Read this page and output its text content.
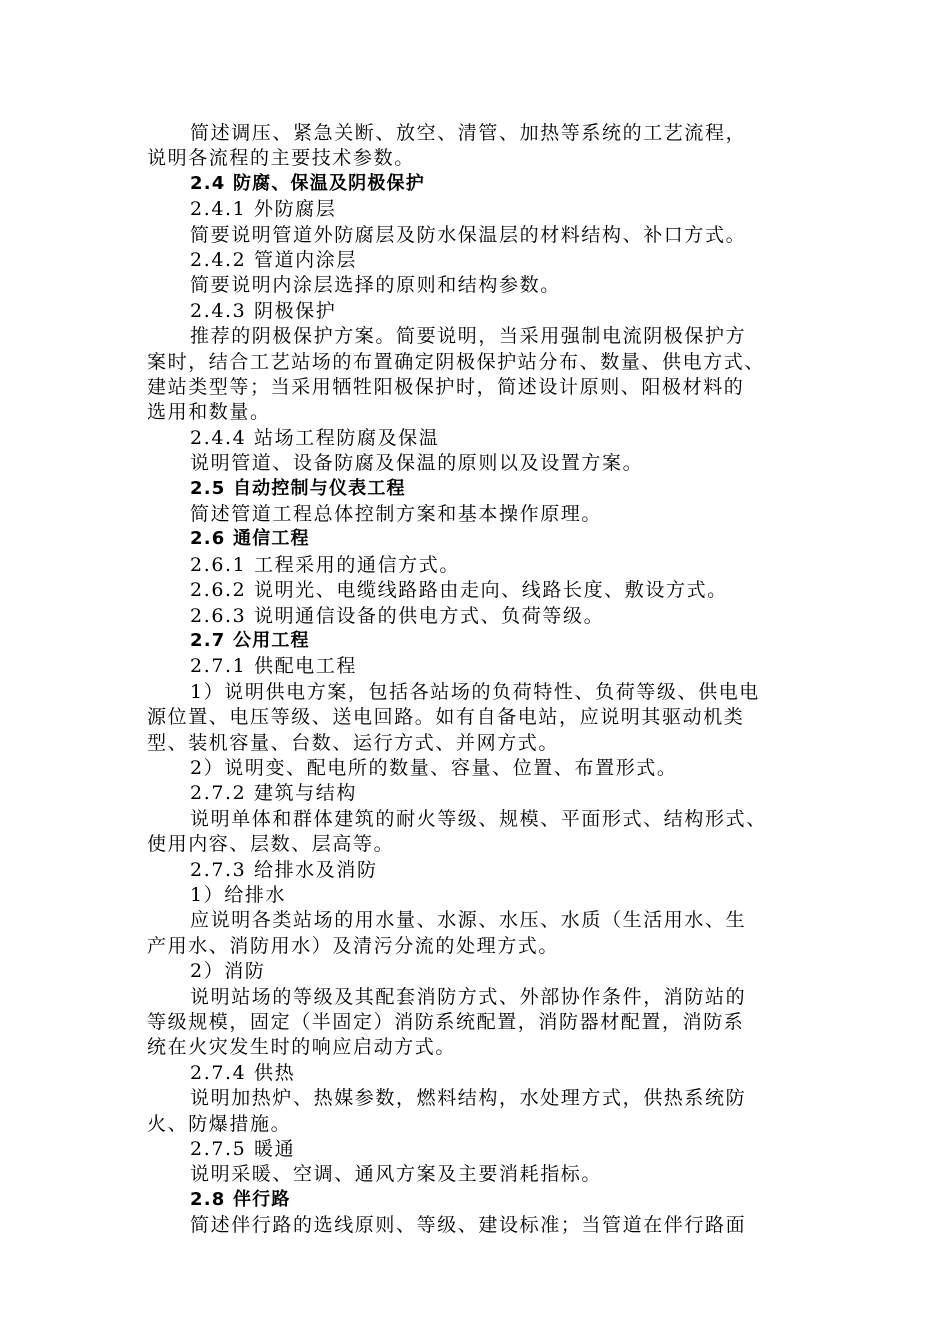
简述调压、紧急关断、放空、清管、加热等系统的工艺流程，
说明各流程的主要技术参数。
2.4 防腐、保温及阴极保护
2.4.1 外防腐层
简要说明管道外防腐层及防水保温层的材料结构、补口方式。
2.4.2 管道内涂层
简要说明内涂层选择的原则和结构参数。
2.4.3 阴极保护
推荐的阴极保护方案。简要说明，当采用强制电流阴极保护方
案时，结合工艺站场的布置确定阴极保护站分布、数量、供电方式、
建站类型等；当采用牺牲阳极保护时，简述设计原则、阳极材料的
选用和数量。
2.4.4 站场工程防腐及保温
说明管道、设备防腐及保温的原则以及设置方案。
2.5 自动控制与仪表工程
简述管道工程总体控制方案和基本操作原理。
2.6 通信工程
2.6.1 工程采用的通信方式。
2.6.2 说明光、电缆线路路由走向、线路长度、敷设方式。
2.6.3 说明通信设备的供电方式、负荷等级。
2.7 公用工程
2.7.1 供配电工程
1）说明供电方案，包括各站场的负荷特性、负荷等级、供电电
源位置、电压等级、送电回路。如有自备电站，应说明其驱动机类
型、装机容量、台数、运行方式、并网方式。
2）说明变、配电所的数量、容量、位置、布置形式。
2.7.2 建筑与结构
说明单体和群体建筑的耐火等级、规模、平面形式、结构形式、
使用内容、层数、层高等。
2.7.3 给排水及消防
1）给排水
应说明各类站场的用水量、水源、水压、水质（生活用水、生
产用水、消防用水）及清污分流的处理方式。
2）消防
说明站场的等级及其配套消防方式、外部协作条件，消防站的
等级规模，固定（半固定）消防系统配置，消防器材配置，消防系
统在火灾发生时的响应启动方式。
2.7.4 供热
说明加热炉、热媒参数，燃料结构，水处理方式，供热系统防
火、防爆措施。
2.7.5 暖通
说明采暖、空调、通风方案及主要消耗指标。
2.8 伴行路
简述伴行路的选线原则、等级、建设标准；当管道在伴行路面
